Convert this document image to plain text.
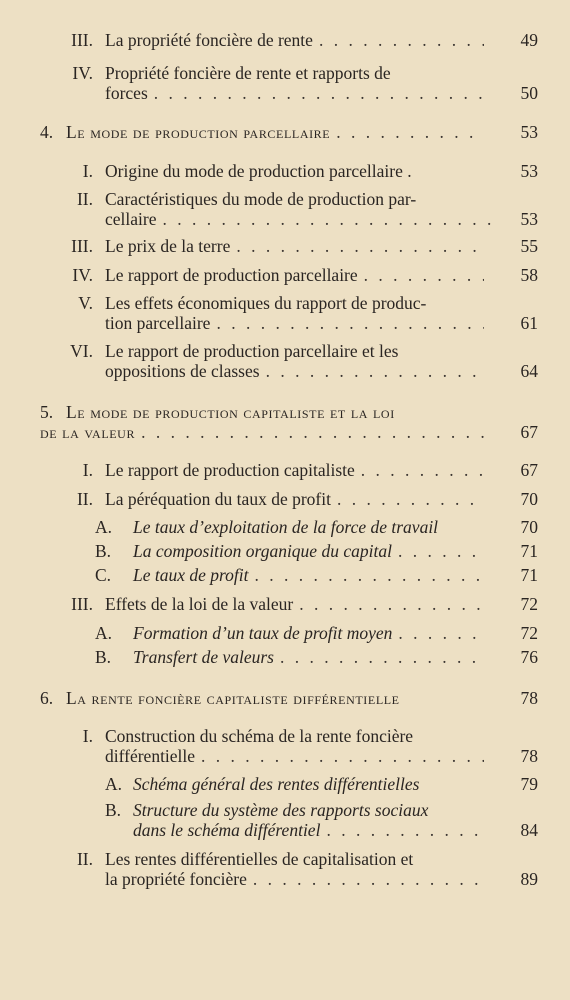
III. La propriété foncière de rente . . .	49
IV. Propriété foncière de rente et rapports de
forces . . .	50
4. Le mode de production parcellaire . . .	53
I. Origine du mode de production parcellaire .	53
II. Caractéristiques du mode de production par-
cellaire . . .	53
III. Le prix de la terre . . .	55
IV. Le rapport de production parcellaire . . .	58
V. Les effets économiques du rapport de produc-
tion parcellaire . . .	61
VI. Le rapport de production parcellaire et les
oppositions de classes . . .	64
5. Le mode de production capitaliste et la loi
de la valeur . . .	67
I. Le rapport de production capitaliste . . .	67
II. La péréquation du taux de profit . . .	70
A.	Le taux d’exploitation de la force de travail	70
B.	La composition organique du capital . . .	71
C.	Le taux de profit . . .	71
III. Effets de la loi de la valeur . . .	72
A.	Formation d’un taux de profit moyen . . .	72
B.	Transfert de valeurs . . .	76
6. La rente foncière capitaliste différentielle	78
I. Construction du schéma de la rente foncière
différentielle . . .	78
A. Schéma général des rentes différentielles	79
B. Structure du système des rapports sociaux
dans le schéma différentiel . . .	84
II. Les rentes différentielles de capitalisation et
la propriété foncière . . .	89
